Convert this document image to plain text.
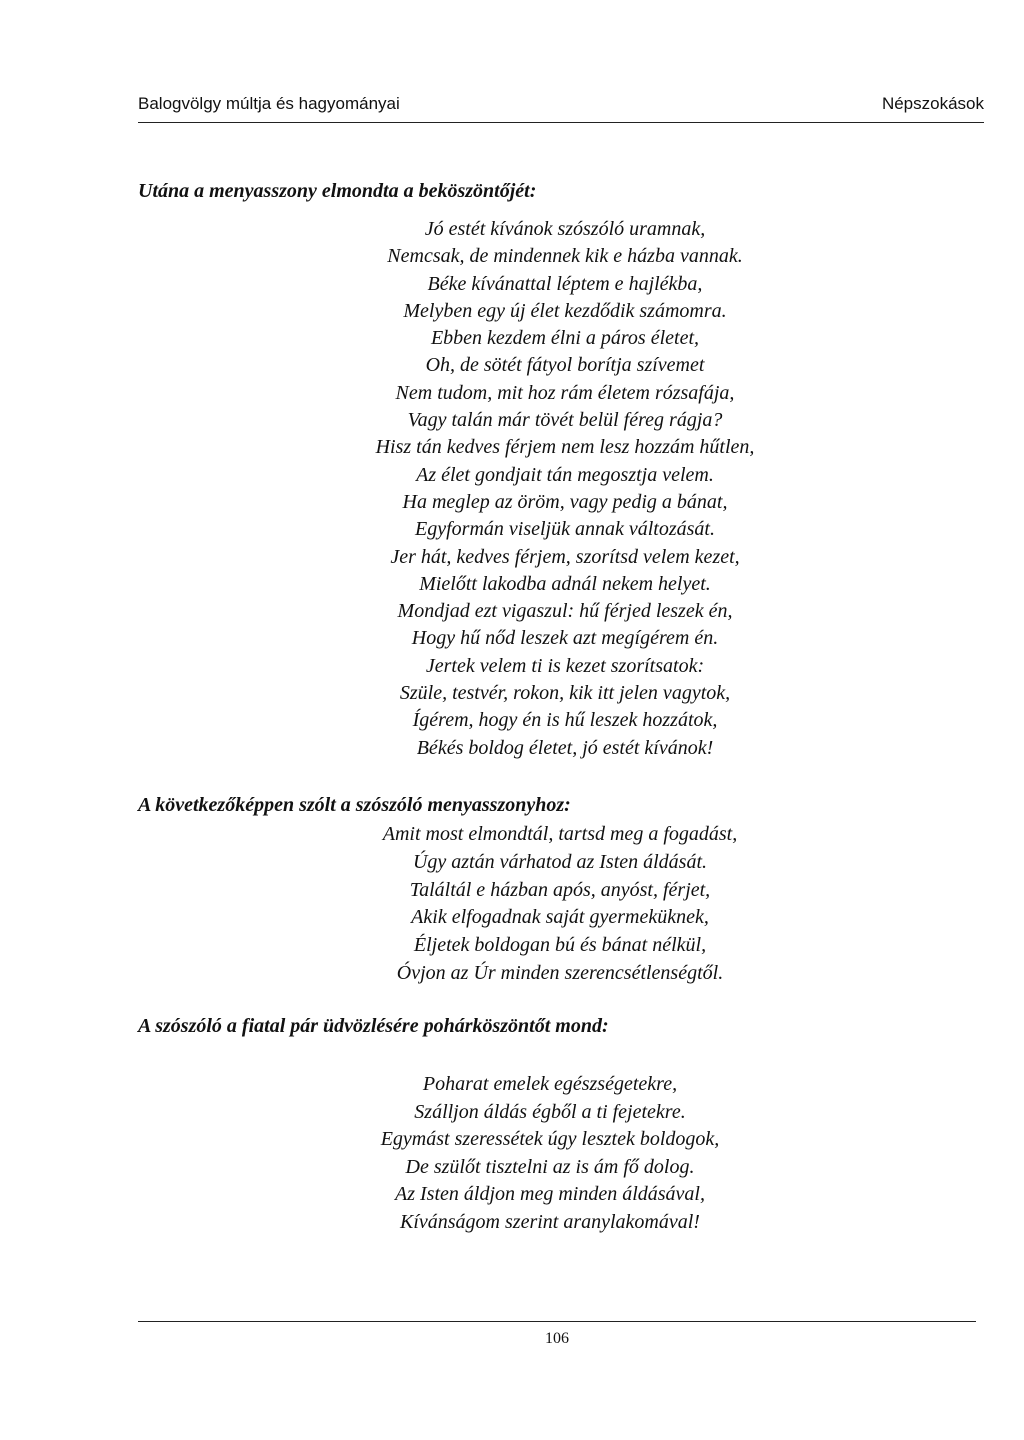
Balogvölgy múltja és hagyományai	Népszokások
Utána a menyasszony elmondta a beköszöntőjét:
Jó estét kívánok szószóló uramnak,
Nemcsak, de mindennek kik e házba vannak.
Béke kívánattal léptem e hajlékba,
Melyben egy új élet kezdődik számomra.
Ebben kezdem élni a páros életet,
Oh, de sötét fátyol borítja szívemet
Nem tudom, mit hoz rám életem rózsafája,
Vagy talán már tövét belül féreg rágja?
Hisz tán kedves férjem nem lesz hozzám hűtlen,
Az élet gondjait tán megosztja velem.
Ha meglep az öröm, vagy pedig a bánat,
Egyformán viseljük annak változását.
Jer hát, kedves férjem, szorítsd velem kezet,
Mielőtt lakodba adnál nekem helyet.
Mondjad ezt vigaszul: hű férjed leszek én,
Hogy hű nőd leszek azt megígérem én.
Jertek velem ti is kezet szorítsatok:
Szüle, testvér, rokon, kik itt jelen vagytok,
Ígérem, hogy én is hű leszek hozzátok,
Békés boldog életet, jó estét kívánok!
A következőképpen szólt a szószóló menyasszonyhoz:
Amit most elmondtál, tartsd meg a fogadást,
Úgy aztán várhatod az Isten áldását.
Találtál e házban após, anyóst, férjet,
Akik elfogadnak saját gyermeküknek,
Éljetek boldogan bú és bánat nélkül,
Óvjon az Úr minden szerencsétlenségtől.
A szószóló a fiatal pár üdvözlésére pohárköszöntőt mond:
Poharat emelek egészségetekre,
Szálljon áldás égből a ti fejetekre.
Egymást szeressétek úgy lesztek boldogok,
De szülőt tisztelni az is ám fő dolog.
Az Isten áldjon meg minden áldásával,
Kívánságom szerint aranylakomával!
106
